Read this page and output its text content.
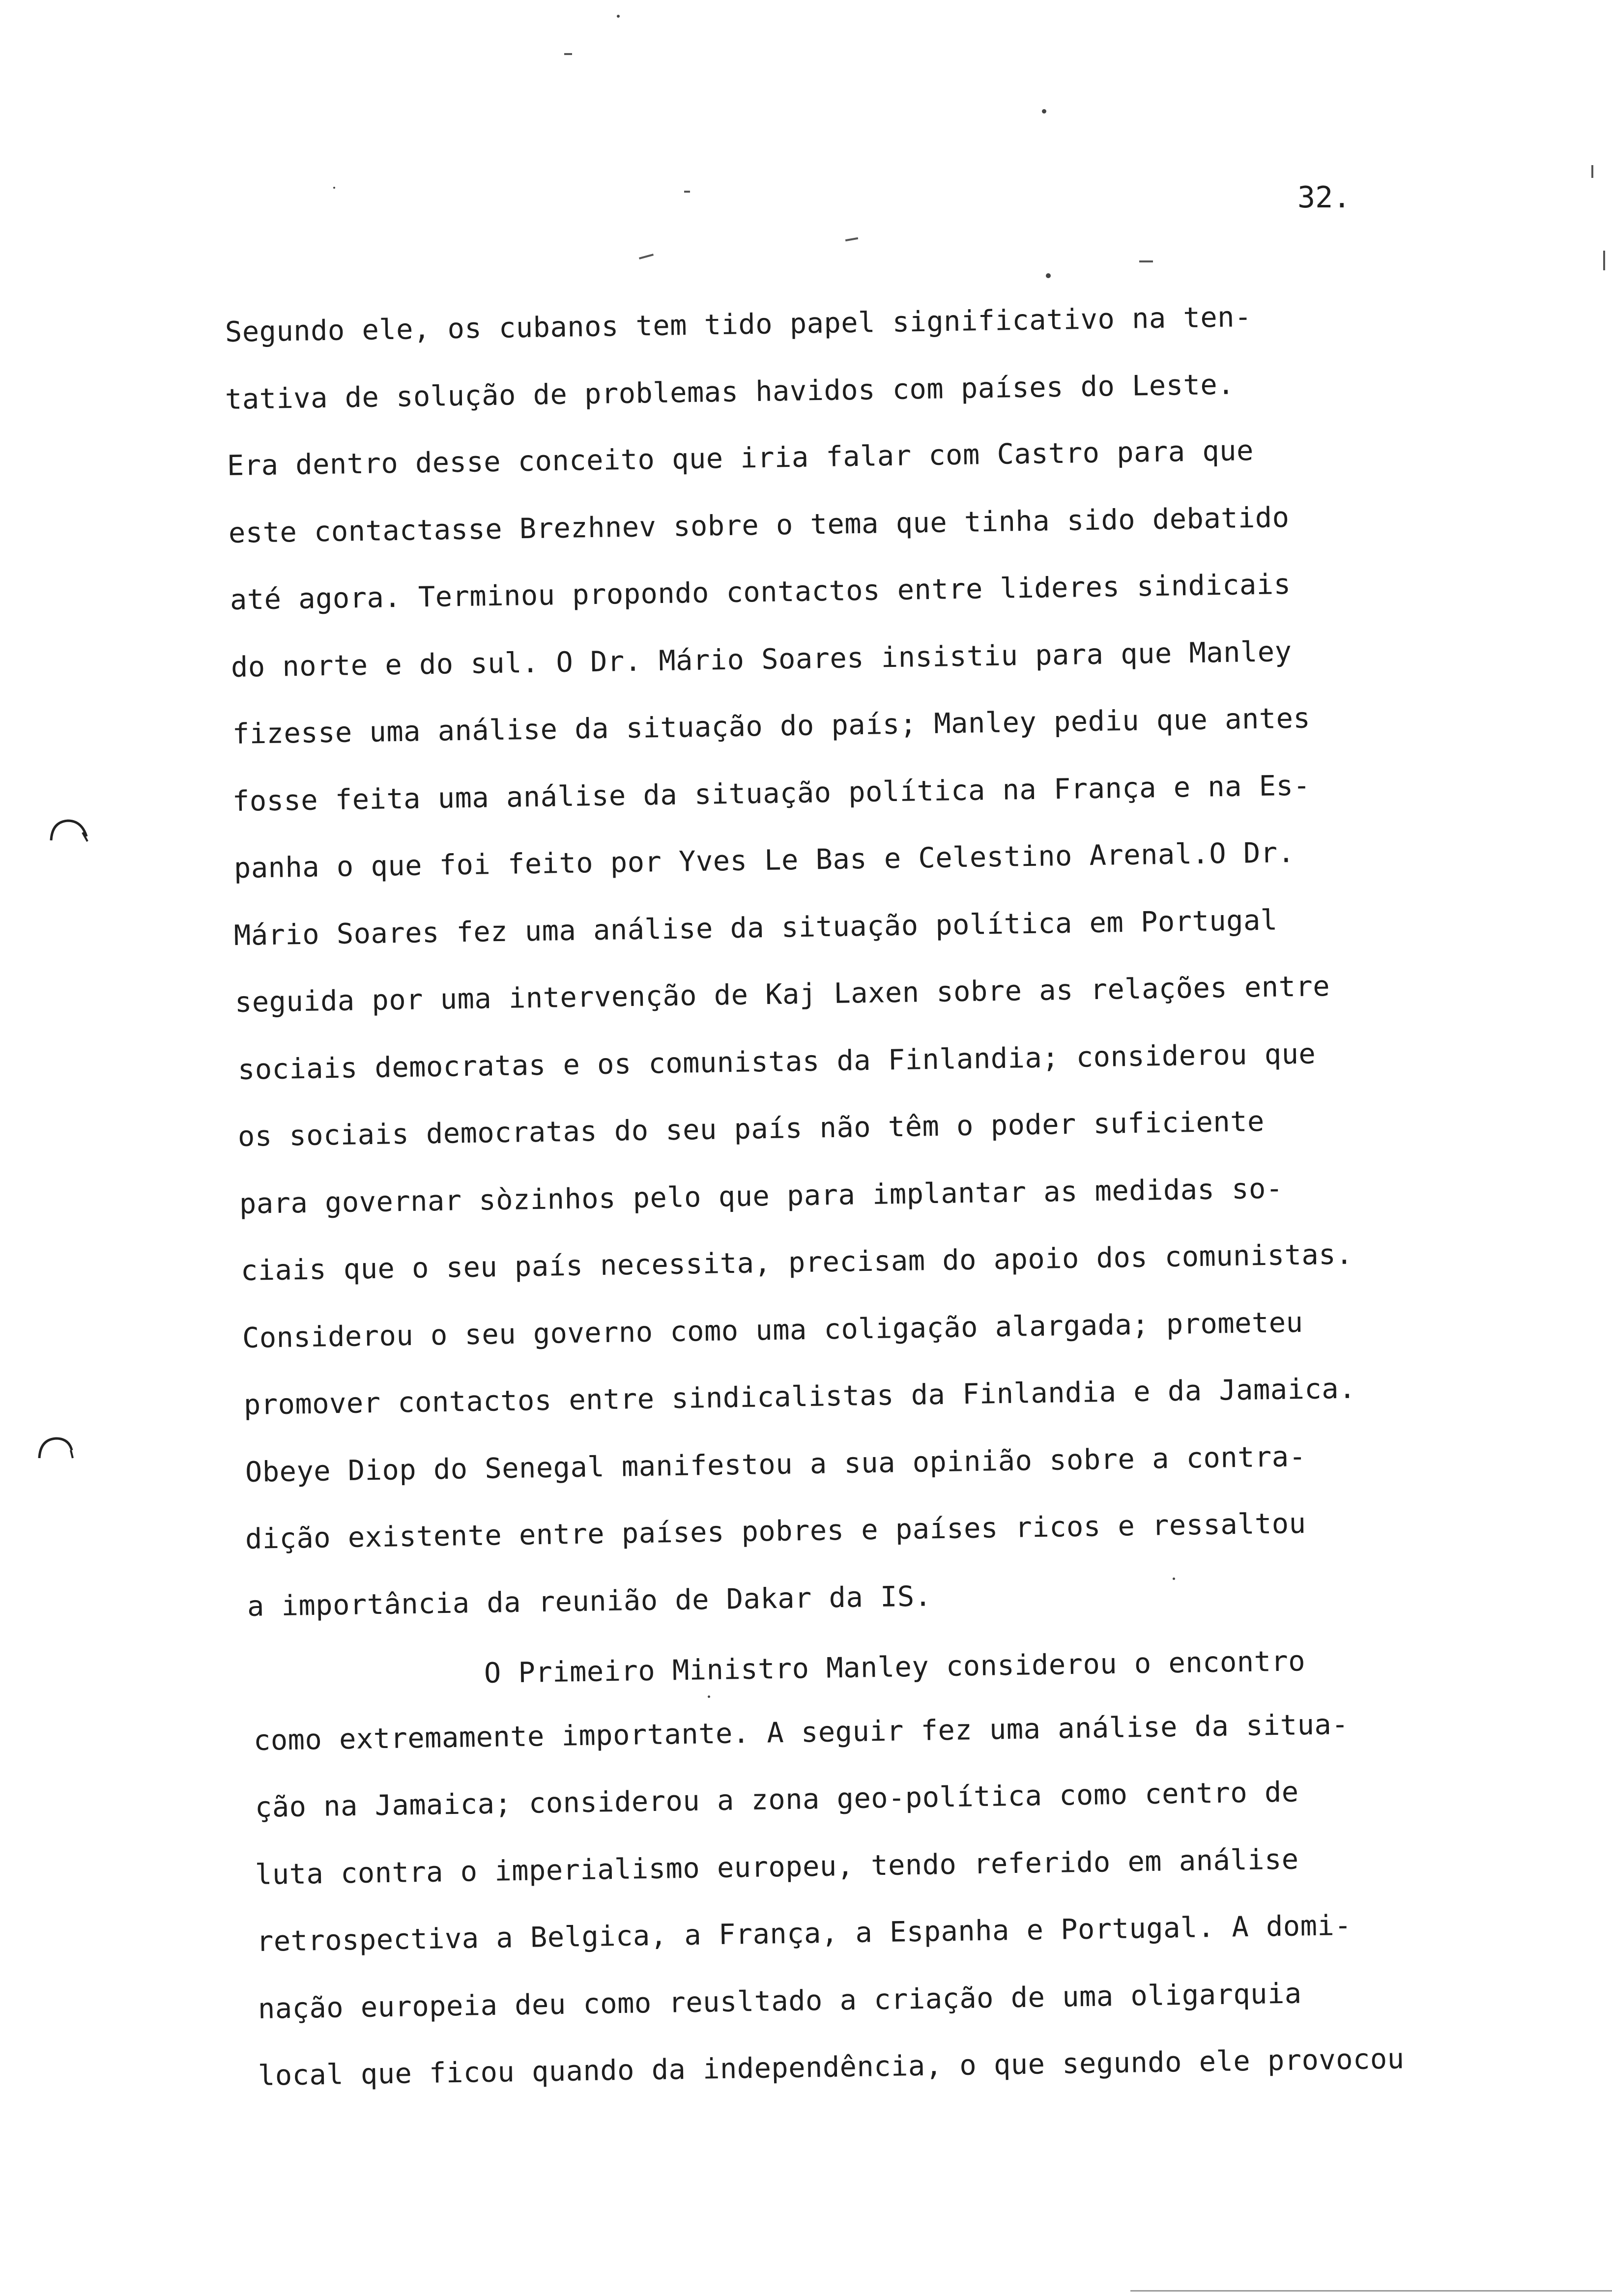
32.
Segundo ele, os cubanos tem tido papel significativo na ten-
tativa de solução de problemas havidos com países do Leste.
Era dentro desse conceito que iria falar com Castro para que
este contactasse Brezhnev sobre o tema que tinha sido debatido
até agora. Terminou propondo contactos entre lideres sindicais
do norte e do sul. O Dr. Mário Soares insistiu para que Manley
fizesse uma análise da situação do país; Manley pediu que antes
fosse feita uma análise da situação política na França e na Es-
panha o que foi feito por Yves Le Bas e Celestino Arenal.O Dr.
Mário Soares fez uma análise da situação política em Portugal
seguida por uma intervenção de Kaj Laxen sobre as relações entre
sociais democratas e os comunistas da Finlandia; considerou que
os sociais democratas do seu país não têm o poder suficiente
para governar sòzinhos pelo que para implantar as medidas so-
ciais que o seu país necessita, precisam do apoio dos comunistas.
Considerou o seu governo como uma coligação alargada; prometeu
promover contactos entre sindicalistas da Finlandia e da Jamaica.
Obeye Diop do Senegal manifestou a sua opinião sobre a contra-
dição existente entre países pobres e países ricos e ressaltou
a importância da reunião de Dakar da IS.
O Primeiro Ministro Manley considerou o encontro
como extremamente importante. A seguir fez uma análise da situa-
ção na Jamaica; considerou a zona geo-política como centro de
luta contra o imperialismo europeu, tendo referido em análise
retrospectiva a Belgica, a França, a Espanha e Portugal. A domi-
nação europeia deu como reusltado a criação de uma oligarquia
local que ficou quando da independência, o que segundo ele provocou
